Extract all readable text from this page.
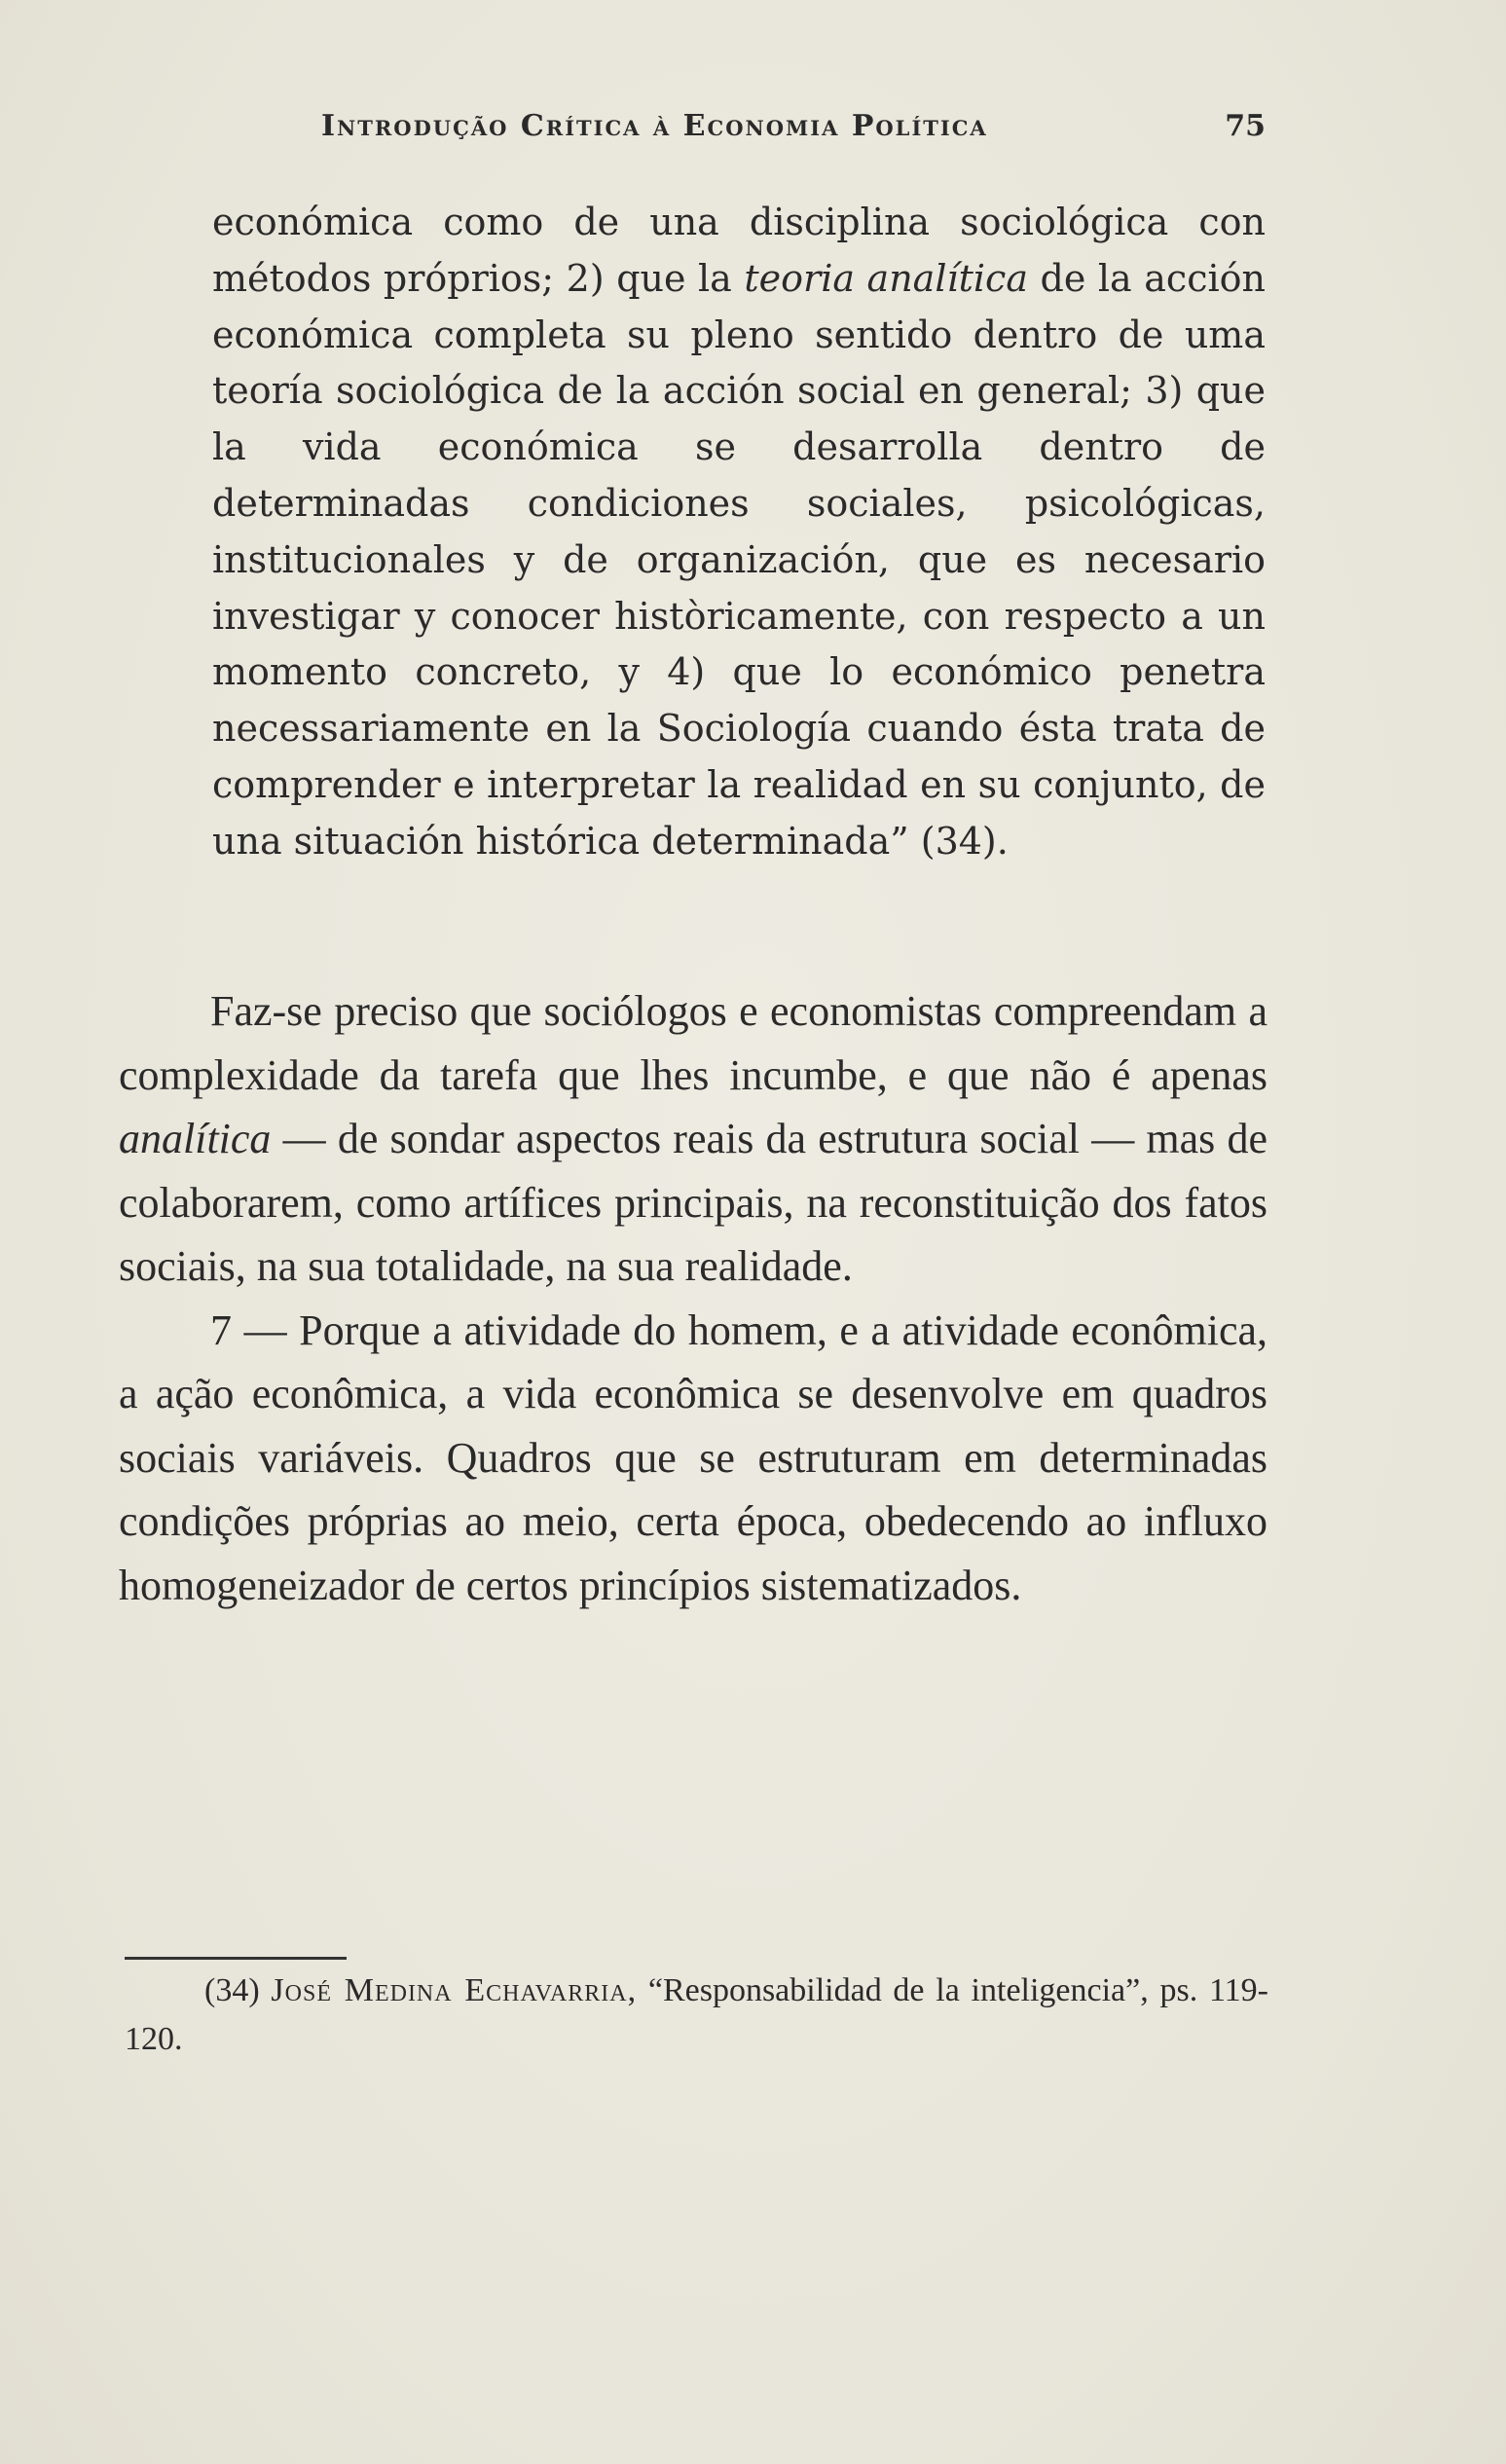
Introdução Crítica à Economia Política	75

económica como de una disciplina sociológica con métodos próprios; 2) que la teoria analítica de la acción económica completa su pleno sentido dentro de uma teoría sociológica de la acción social en general; 3) que la vida económica se desarrolla dentro de determinadas condiciones sociales, psicológicas, institucionales y de organización, que es necesario investigar y conocer històricamente, con respecto a un momento concreto, y 4) que lo económico penetra necessariamente en la Sociología cuando ésta trata de comprender e interpretar la realidad en su conjunto, de una situación histórica determinada” (34).

Faz-se preciso que sociólogos e economistas compreendam a complexidade da tarefa que lhes incumbe, e que não é apenas analítica — de sondar aspectos reais da estrutura social — mas de colaborarem, como artífices principais, na reconstituição dos fatos sociais, na sua totalidade, na sua realidade.

7 — Porque a atividade do homem, e a atividade econômica, a ação econômica, a vida econômica se desenvolve em quadros sociais variáveis. Quadros que se estruturam em determinadas condições próprias ao meio, certa época, obedecendo ao influxo homogeneizador de certos princípios sistematizados.

(34) José Medina Echavarria, “Responsabilidad de la inteligencia”, ps. 119-120.
